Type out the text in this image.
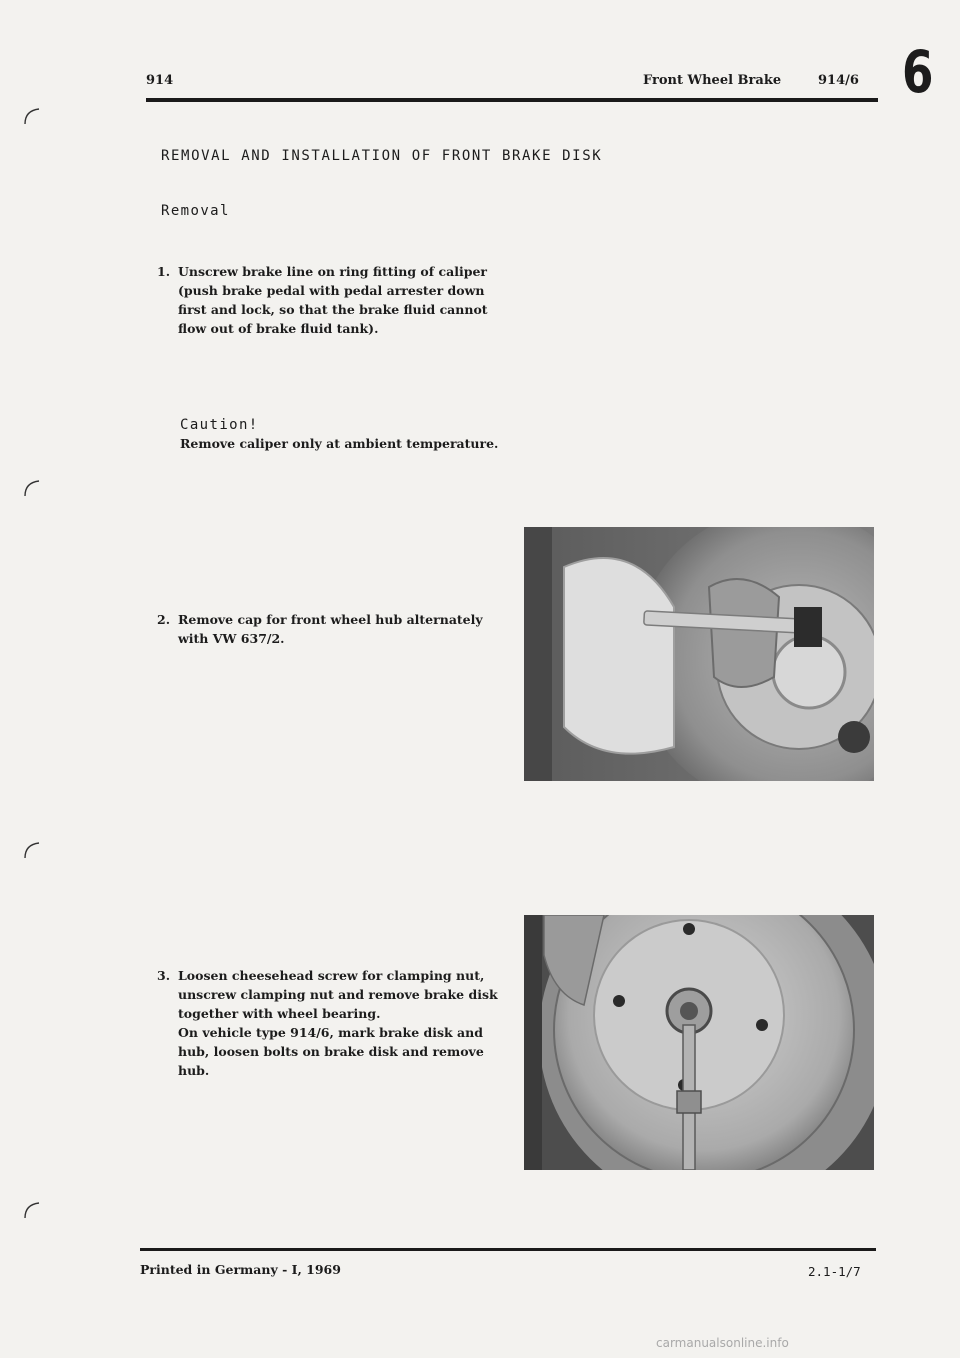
914	Front Wheel Brake	914/6 6
REMOVAL AND INSTALLATION OF FRONT BRAKE DISK
Removal
1. Unscrew brake line on ring fitting of caliper
(push brake pedal with pedal arrester down
first and lock, so that the brake fluid cannot
flow out of brake fluid tank).
Caution!
Remove caliper only at ambient temperature.
2. Remove cap for front wheel hub alternately
with VW 637/2.
3. Loosen cheesehead screw for clamping nut,
unscrew clamping nut and remove brake disk
together with wheel bearing.
On vehicle type 914/6, mark brake disk and
hub, loosen bolts on brake disk and remove
hub.
Printed in Germany - I, 1969	2.1-1/7
carmanualsonline.info
